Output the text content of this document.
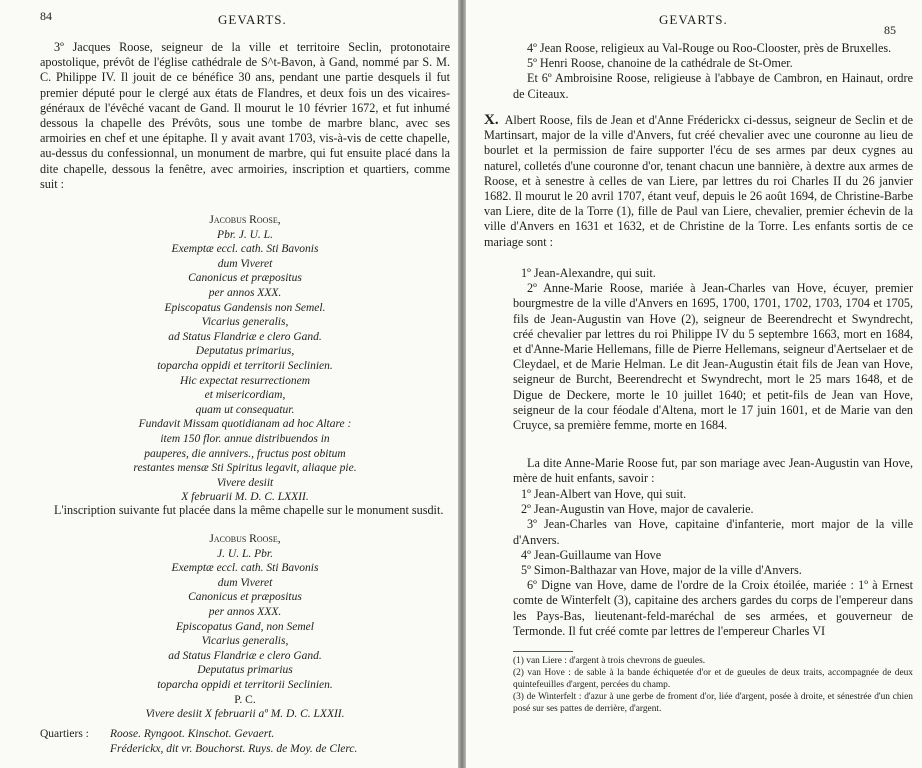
84	GEVARTS.
3º Jacques Roose, seigneur de la ville et territoire Seclin, protonotaire apostolique, prévôt de l'église cathédrale de S^t-Bavon, à Gand, nommé par S. M. C. Philippe IV. Il jouit de ce bénéfice 30 ans, pendant une partie desquels il fut premier député pour le clergé aux états de Flandres, et deux fois un des vicaires-généraux de l'évêché vacant de Gand. Il mourut le 10 février 1672, et fut inhumé dessous la chapelle des Prévôts, sous une tombe de marbre blanc, avec ses armoiries en chef et une épitaphe. Il y avait avant 1703, vis-à-vis de cette chapelle, au-dessus du confessionnal, un monument de marbre, qui fut ensuite placé dans la dite chapelle, dessous la fenêtre, avec armoiries, inscription et quartiers, comme suit :
Jacobus Roose,
Pbr. J. U. L.
Exemptæ eccl. cath. Sti Bavonis
dum Viveret
Canonicus et præpositus
per annos XXX.
Episcopatus Gandensis non Semel.
Vicarius generalis,
ad Status Flandriæ e clero Gand.
Deputatus primarius,
toparcha oppidi et territorii Seclinien.
Hic expectat resurrectionem
et misericordiam,
quam ut consequatur.
Fundavit Missam quotidianam ad hoc Altare :
item 150 flor. annue distribuendos in
pauperes, die annivers., fructus post obitum
restantes mensæ Sti Spiritus legavit, aliaque pie.
Vivere desiit
X februarii M. D. C. LXXII.
L'inscription suivante fut placée dans la même chapelle sur le monument susdit.
Jacobus Roose,
J. U. L. Pbr.
Exemptæ eccl. cath. Sti Bavonis
dum Viveret
Canonicus et præpositus
per annos XXX.
Episcopatus Gand, non Semel
Vicarius generalis,
ad Status Flandriæ e clero Gand.
Deputatus primarius
toparcha oppidi et territorii Seclinien.
P. C.
Vivere desiit X februarii aº M. D. C. LXXII.
Quartiers : Roose. Ryngoot. Kinschot. Gevaert.
Fréderickx, dit vr. Bouchorst. Ruys. de Moy. de Clerc.
GEVARTS.
85

4º Jean Roose, religieux au Val-Rouge ou Roo-Clooster, près de Bruxelles.

5º Henri Roose, chanoine de la cathédrale de St-Omer.

Et 6º Ambroisine Roose, religieuse à l'abbaye de Cambron, en Hainaut, ordre de Citeaux.

X. Albert Roose, fils de Jean et d'Anne Fréderickx ci-dessus, seigneur de Seclin et de Martinsart, major de la ville d'Anvers, fut créé chevalier avec une couronne au lieu de bourlet et la permission de faire supporter l'écu de ses armes par deux cygnes au naturel, colletés d'une couronne d'or, tenant chacun une bannière, à dextre aux armes de Roose, et à senestre à celles de van Liere, par lettres du roi Charles II du 26 janvier 1682. Il mourut le 20 avril 1707, étant veuf, depuis le 26 août 1694, de Christine-Barbe van Liere, dite de la Torre (1), fille de Paul van Liere, chevalier, premier échevin de la ville d'Anvers en 1631 et 1632, et de Christine de la Torre. Les enfants sortis de ce mariage sont :

1º Jean-Alexandre, qui suit.

2º Anne-Marie Roose, mariée à Jean-Charles van Hove, écuyer, premier bourgmestre de la ville d'Anvers en 1695, 1700, 1701, 1702, 1703, 1704 et 1705, fils de Jean-Augustin van Hove (2), seigneur de Beerendrecht et Swyndrecht, créé chevalier par lettres du roi Philippe IV du 5 septembre 1663, mort en 1684, et d'Anne-Marie Hellemans, fille de Pierre Hellemans, seigneur d'Aertselaer et de Cleydael, et de Marie Helman. Le dit Jean-Augustin était fils de Jean van Hove, seigneur de Burcht, Beerendrecht et Swyndrecht, mort le 25 mars 1648, et de Digue de Deckere, morte le 10 juillet 1640; et petit-fils de Jean van Hove, seigneur de la cour féodale d'Altena, mort le 17 juin 1601, et de Marie van den Cruyce, sa première femme, morte en 1684.

La dite Anne-Marie Roose fut, par son mariage avec Jean-Augustin van Hove, mère de huit enfants, savoir :

1º Jean-Albert van Hove, qui suit.

2º Jean-Augustin van Hove, major de cavalerie.

3º Jean-Charles van Hove, capitaine d'infanterie, mort major de la ville d'Anvers.

4º Jean-Guillaume van Hove

5º Simon-Balthazar van Hove, major de la ville d'Anvers.

6º Digne van Hove, dame de l'ordre de la Croix étoilée, mariée : 1º à Ernest comte de Winterfelt (3), capitaine des archers gardes du corps de l'empereur dans les Pays-Bas, lieutenant-feld-maréchal de ses armées, et gouverneur de Termonde. Il fut créé comte par lettres de l'empereur Charles VI

(1) van Liere : d'argent à trois chevrons de gueules.

(2) van Hove : de sable à la bande échiquetée d'or et de gueules de deux traits, accompagnée de deux quintefeuilles d'argent, percées du champ.

(3) de Winterfelt : d'azur à une gerbe de froment d'or, liée d'argent, posée à droite, et sénestrée d'un chien posé sur ses pattes de derrière, d'argent.
